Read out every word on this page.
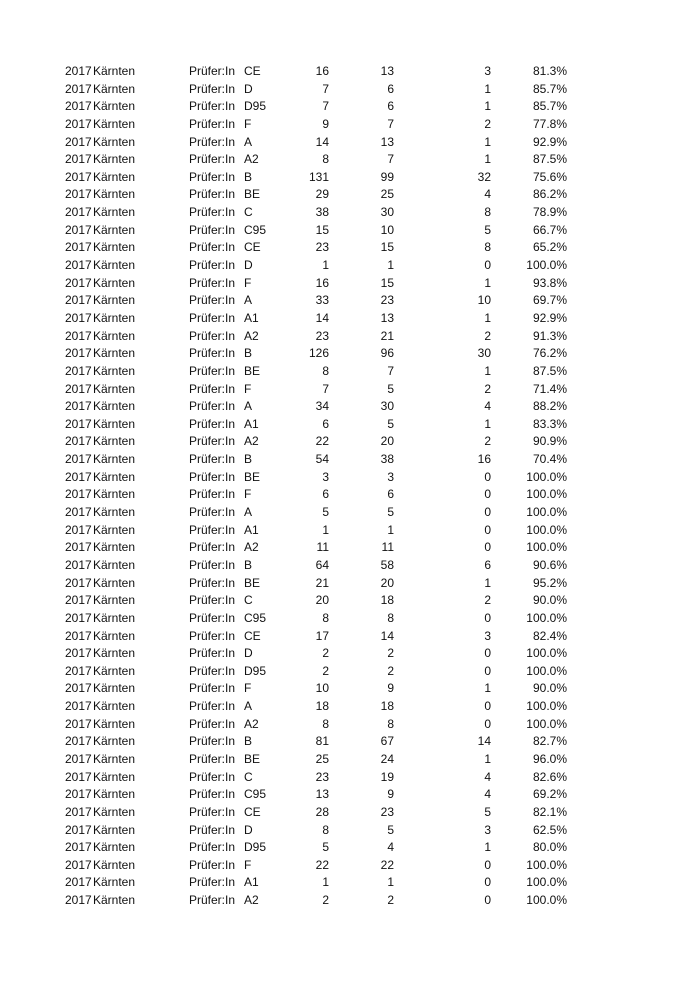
2017 Kärnten	Prüfer:In CE	16	13	3	81.3%
2017 Kärnten	Prüfer:In D	7	6	1	85.7%
2017 Kärnten	Prüfer:In D95	7	6	1	85.7%
2017 Kärnten	Prüfer:In F	9	7	2	77.8%
2017 Kärnten	Prüfer:In A	14	13	1	92.9%
2017 Kärnten	Prüfer:In A2	8	7	1	87.5%
2017 Kärnten	Prüfer:In B	131	99	32	75.6%
2017 Kärnten	Prüfer:In BE	29	25	4	86.2%
2017 Kärnten	Prüfer:In C	38	30	8	78.9%
2017 Kärnten	Prüfer:In C95	15	10	5	66.7%
2017 Kärnten	Prüfer:In CE	23	15	8	65.2%
2017 Kärnten	Prüfer:In D	1	1	0	100.0%
2017 Kärnten	Prüfer:In F	16	15	1	93.8%
2017 Kärnten	Prüfer:In A	33	23	10	69.7%
2017 Kärnten	Prüfer:In A1	14	13	1	92.9%
2017 Kärnten	Prüfer:In A2	23	21	2	91.3%
2017 Kärnten	Prüfer:In B	126	96	30	76.2%
2017 Kärnten	Prüfer:In BE	8	7	1	87.5%
2017 Kärnten	Prüfer:In F	7	5	2	71.4%
2017 Kärnten	Prüfer:In A	34	30	4	88.2%
2017 Kärnten	Prüfer:In A1	6	5	1	83.3%
2017 Kärnten	Prüfer:In A2	22	20	2	90.9%
2017 Kärnten	Prüfer:In B	54	38	16	70.4%
2017 Kärnten	Prüfer:In BE	3	3	0	100.0%
2017 Kärnten	Prüfer:In F	6	6	0	100.0%
2017 Kärnten	Prüfer:In A	5	5	0	100.0%
2017 Kärnten	Prüfer:In A1	1	1	0	100.0%
2017 Kärnten	Prüfer:In A2	11	11	0	100.0%
2017 Kärnten	Prüfer:In B	64	58	6	90.6%
2017 Kärnten	Prüfer:In BE	21	20	1	95.2%
2017 Kärnten	Prüfer:In C	20	18	2	90.0%
2017 Kärnten	Prüfer:In C95	8	8	0	100.0%
2017 Kärnten	Prüfer:In CE	17	14	3	82.4%
2017 Kärnten	Prüfer:In D	2	2	0	100.0%
2017 Kärnten	Prüfer:In D95	2	2	0	100.0%
2017 Kärnten	Prüfer:In F	10	9	1	90.0%
2017 Kärnten	Prüfer:In A	18	18	0	100.0%
2017 Kärnten	Prüfer:In A2	8	8	0	100.0%
2017 Kärnten	Prüfer:In B	81	67	14	82.7%
2017 Kärnten	Prüfer:In BE	25	24	1	96.0%
2017 Kärnten	Prüfer:In C	23	19	4	82.6%
2017 Kärnten	Prüfer:In C95	13	9	4	69.2%
2017 Kärnten	Prüfer:In CE	28	23	5	82.1%
2017 Kärnten	Prüfer:In D	8	5	3	62.5%
2017 Kärnten	Prüfer:In D95	5	4	1	80.0%
2017 Kärnten	Prüfer:In F	22	22	0	100.0%
2017 Kärnten	Prüfer:In A1	1	1	0	100.0%
2017 Kärnten	Prüfer:In A2	2	2	0	100.0%
